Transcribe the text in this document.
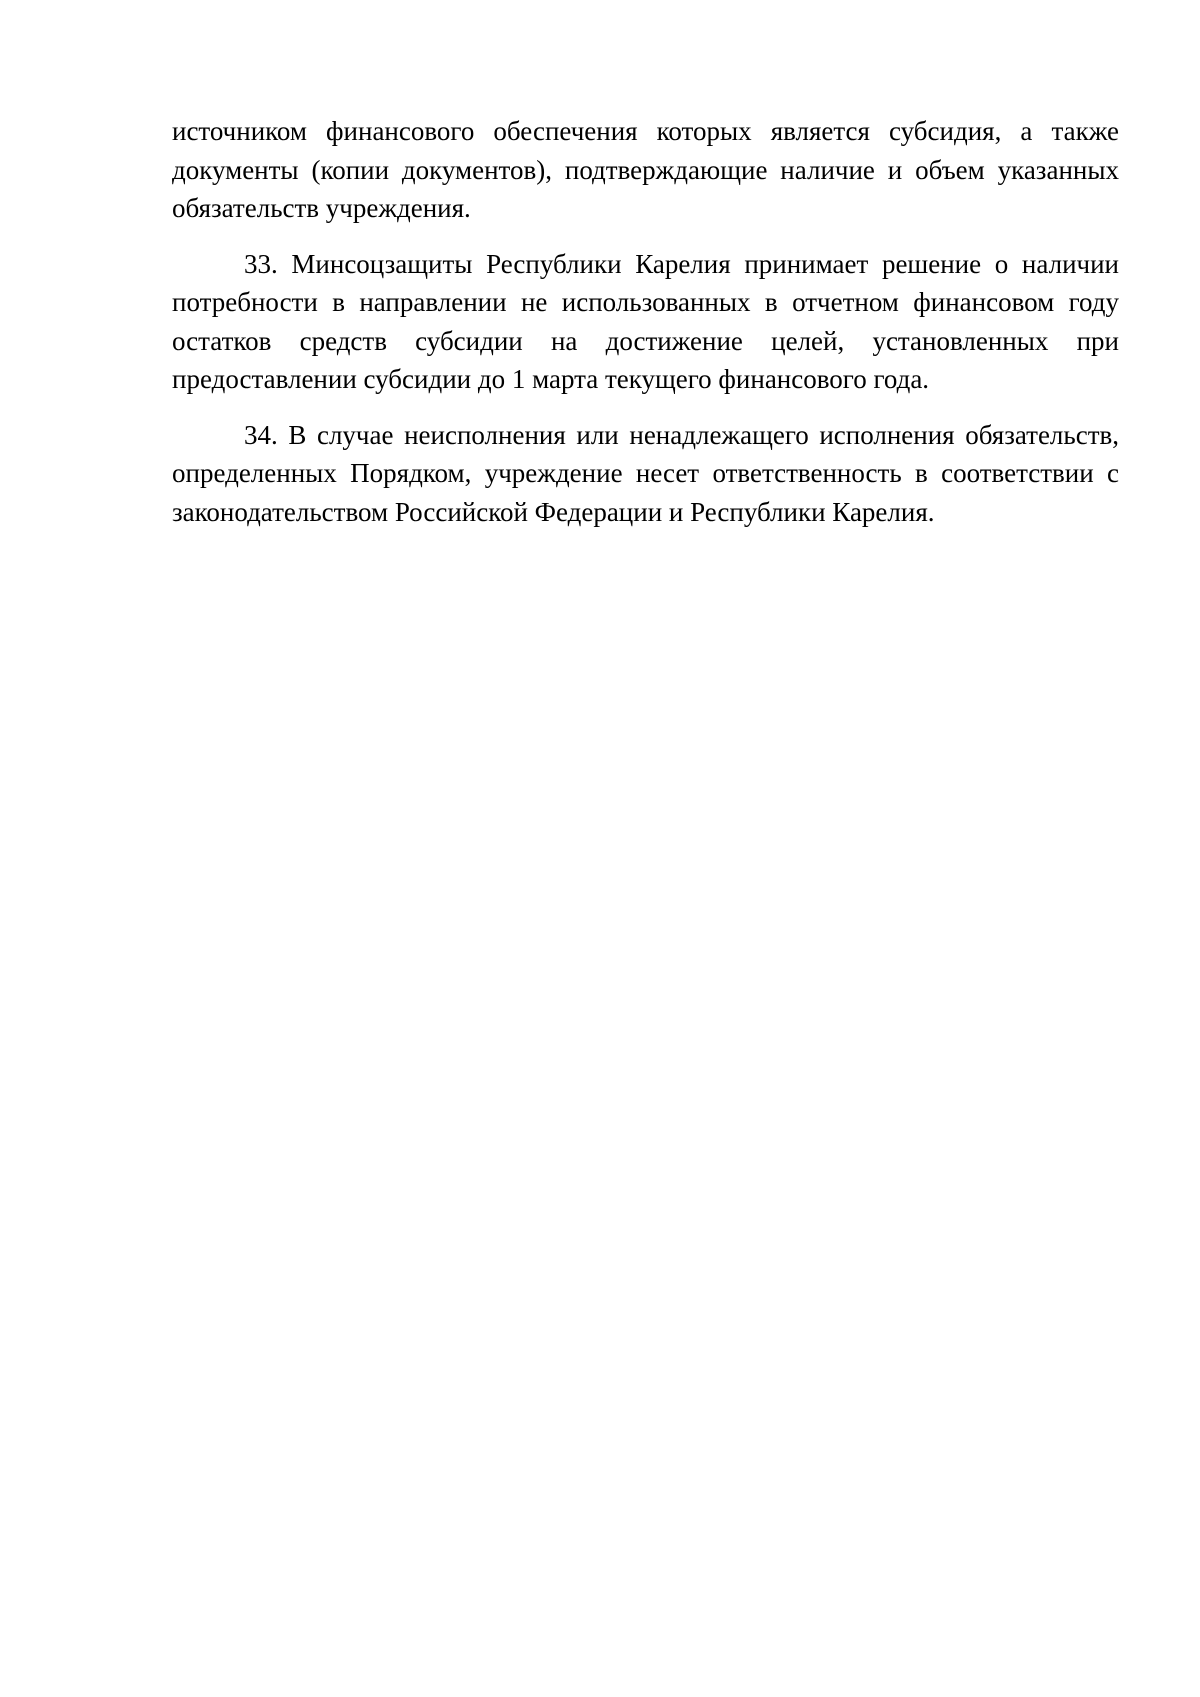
источником финансового обеспечения которых является субсидия, а также документы (копии документов), подтверждающие наличие и объем указанных обязательств учреждения.

33. Минсоцзащиты Республики Карелия принимает решение о наличии потребности в направлении не использованных в отчетном финансовом году остатков средств субсидии на достижение целей, установленных при предоставлении субсидии до 1 марта текущего финансового года.

34. В случае неисполнения или ненадлежащего исполнения обязательств, определенных Порядком, учреждение несет ответственность в соответствии с законодательством Российской Федерации и Республики Карелия.
